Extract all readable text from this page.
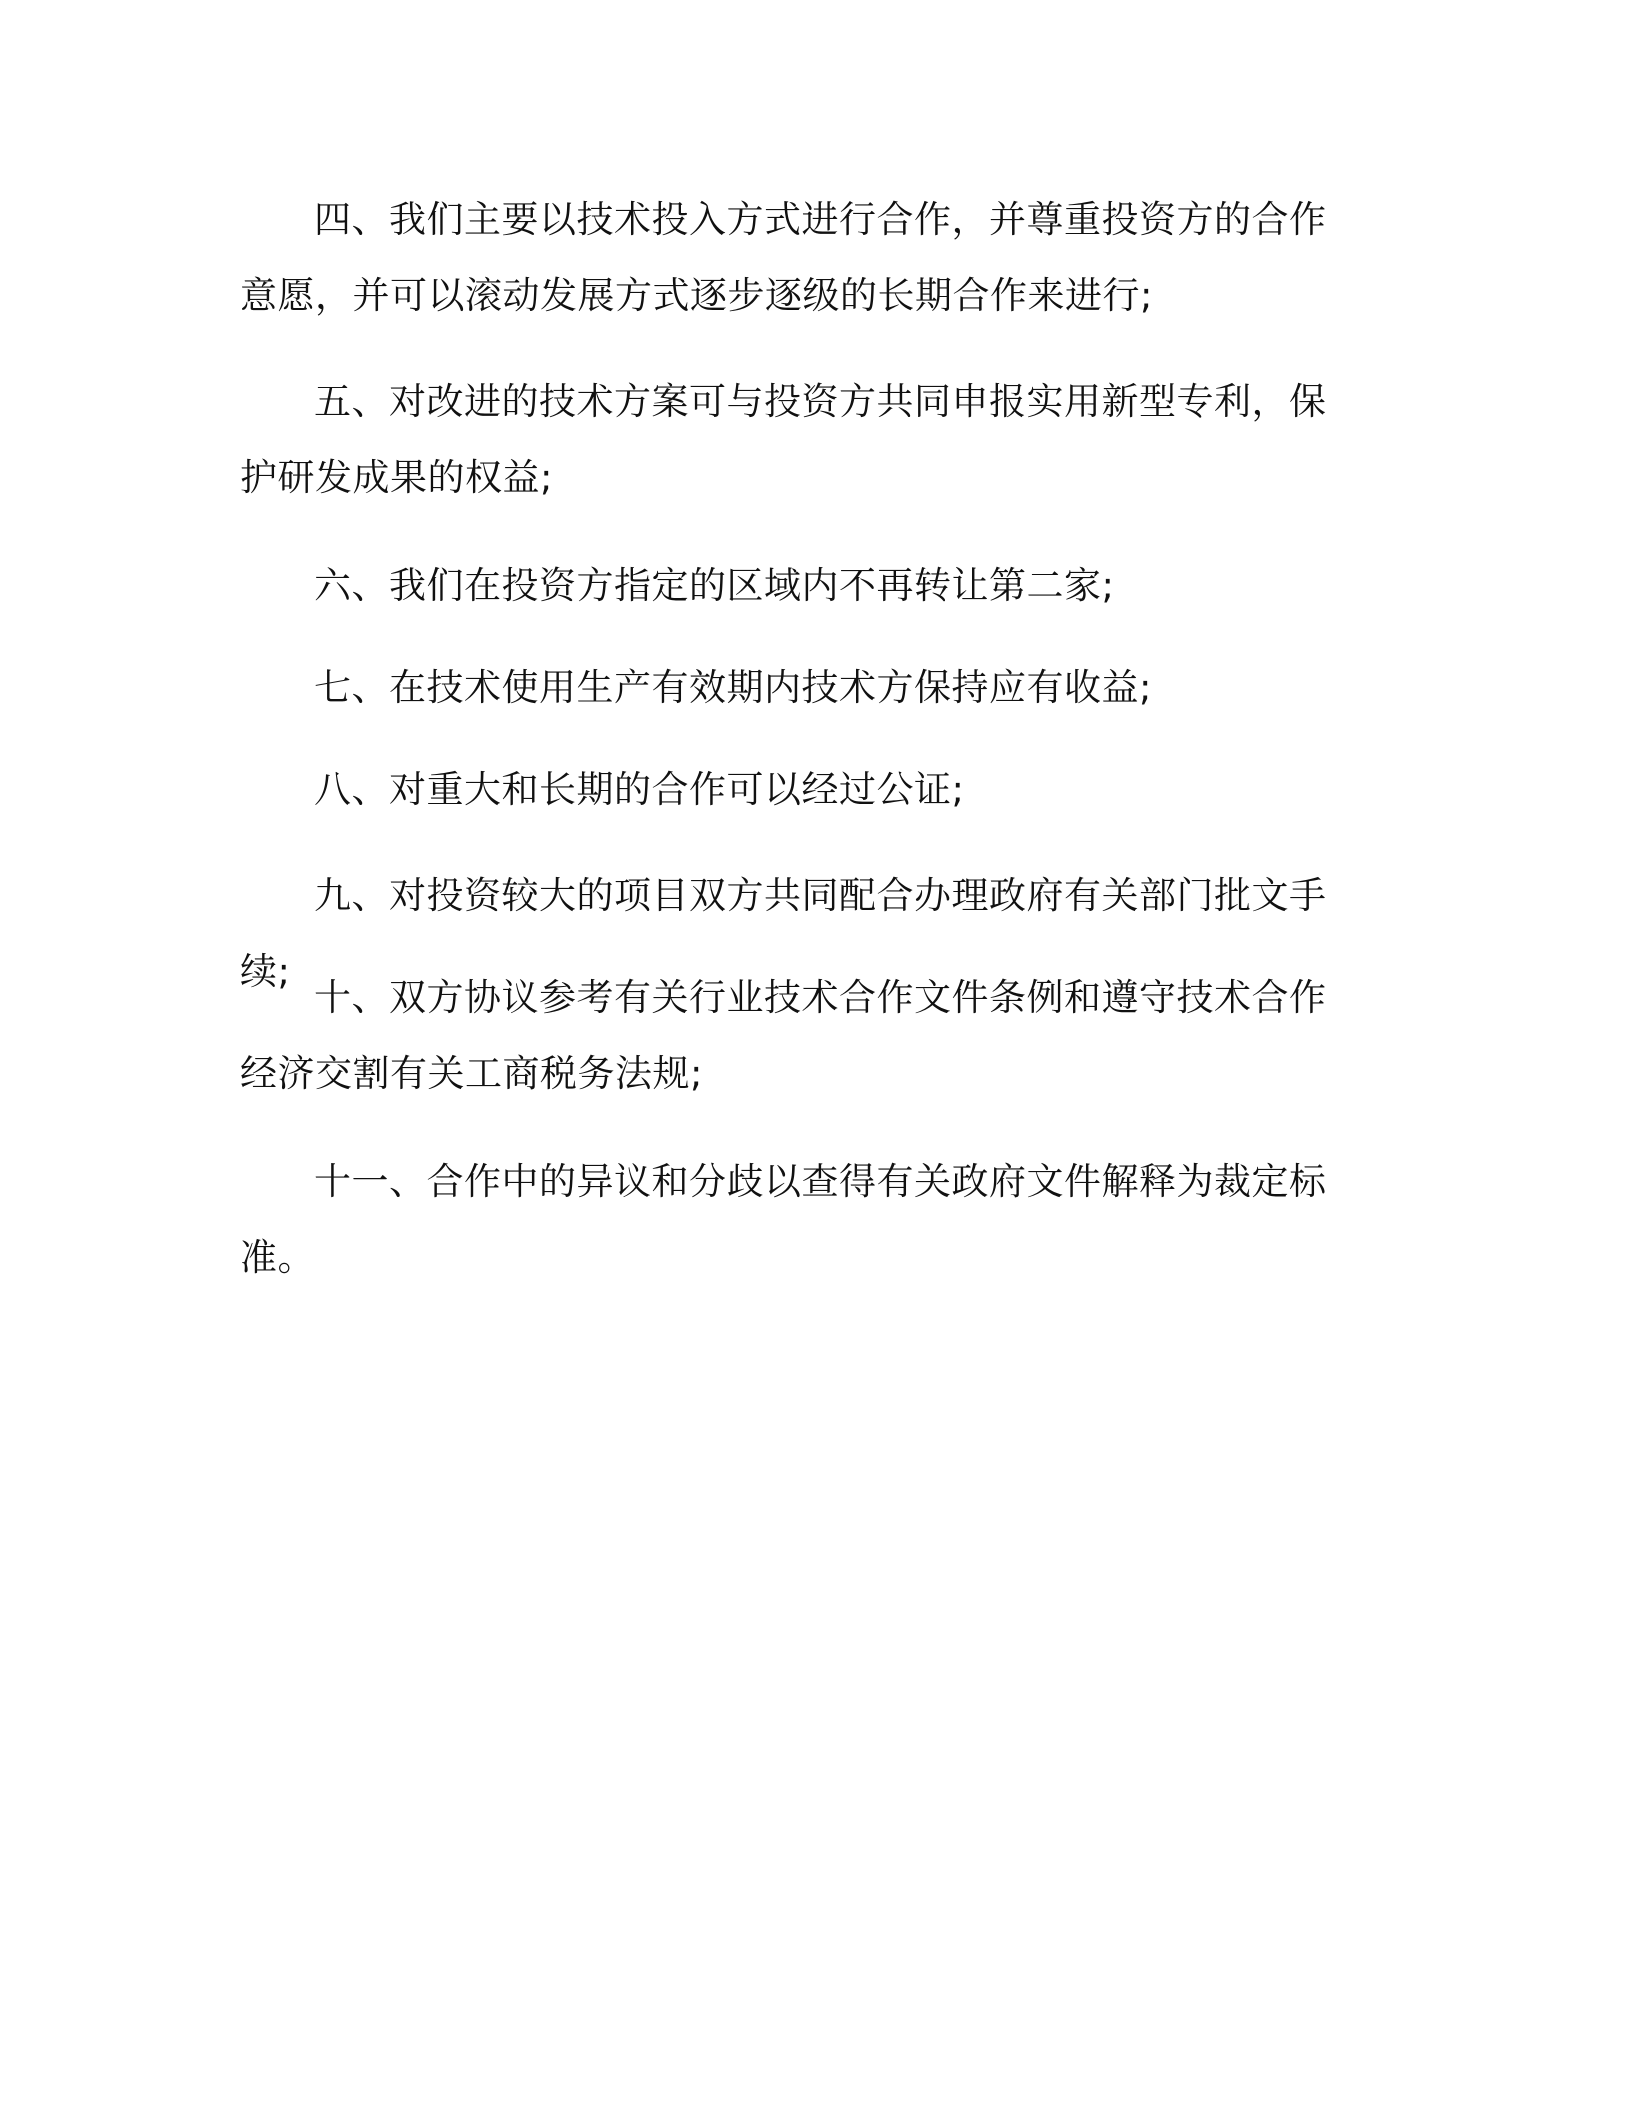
四、我们主要以技术投入方式进行合作，并尊重投资方的合作意愿，并可以滚动发展方式逐步逐级的长期合作来进行;

五、对改进的技术方案可与投资方共同申报实用新型专利，保护研发成果的权益;

六、我们在投资方指定的区域内不再转让第二家;

七、在技术使用生产有效期内技术方保持应有收益;

八、对重大和长期的合作可以经过公证;

九、对投资较大的项目双方共同配合办理政府有关部门批文手续;

十、双方协议参考有关行业技术合作文件条例和遵守技术合作经济交割有关工商税务法规;

十一、合作中的异议和分歧以查得有关政府文件解释为裁定标准。
